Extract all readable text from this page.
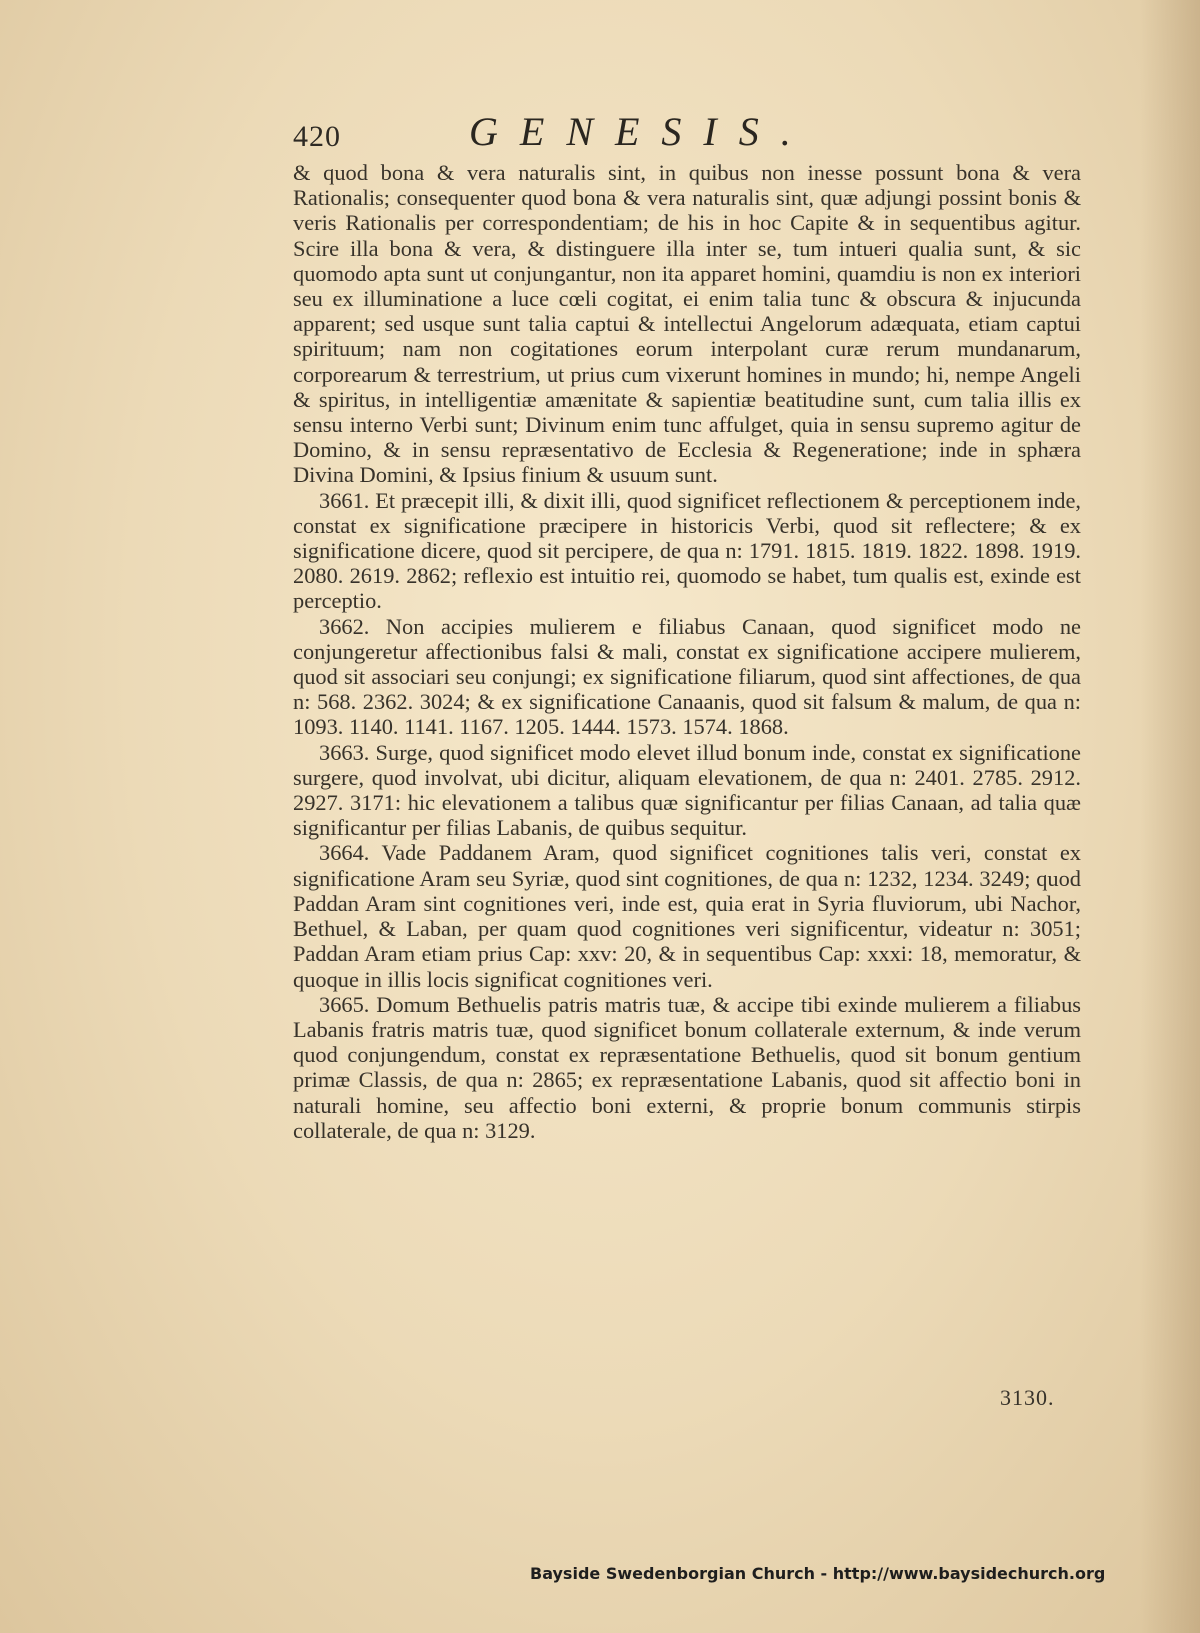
420	GENESIS.

& quod bona & vera naturalis sint, in quibus non inesse possunt bona & vera Rationalis; consequenter quod bona & vera naturalis sint, quæ adjungi possint bonis & veris Rationalis per correspondentiam; de his in hoc Capite & in sequentibus agitur. Scire illa bona & vera, & distinguere illa inter se, tum intueri qualia sunt, & sic quomodo apta sunt ut conjungantur, non ita apparet homini, quamdiu is non ex interiori seu ex illuminatione a luce cœli cogitat, ei enim talia tunc & obscura & injucunda apparent; sed usque sunt talia captui & intellectui Angelorum adæquata, etiam captui spirituum; nam non cogitationes eorum interpolant curæ rerum mundanarum, corporearum & terrestrium, ut prius cum vixerunt homines in mundo; hi, nempe Angeli & spiritus, in intelligentiæ amænitate & sapientiæ beatitudine sunt, cum talia illis ex sensu interno Verbi sunt; Divinum enim tunc affulget, quia in sensu supremo agitur de Domino, & in sensu repræsentativo de Ecclesia & Regeneratione; inde in sphæra Divina Domini, & Ipsius finium & usuum sunt.

3661. Et præcepit illi, & dixit illi, quod significet reflectionem & perceptionem inde, constat ex significatione præcipere in historicis Verbi, quod sit reflectere; & ex significatione dicere, quod sit percipere, de qua n: 1791. 1815. 1819. 1822. 1898. 1919. 2080. 2619. 2862; reflexio est intuitio rei, quomodo se habet, tum qualis est, exinde est perceptio.

3662. Non accipies mulierem e filiabus Canaan, quod significet modo ne conjungeretur affectionibus falsi & mali, constat ex significatione accipere mulierem, quod sit associari seu conjungi; ex significatione filiarum, quod sint affectiones, de qua n: 568. 2362. 3024; & ex significatione Canaanis, quod sit falsum & malum, de qua n: 1093. 1140. 1141. 1167. 1205. 1444. 1573. 1574. 1868.

3663. Surge, quod significet modo elevet illud bonum inde, constat ex significatione surgere, quod involvat, ubi dicitur, aliquam elevationem, de qua n: 2401. 2785. 2912. 2927. 3171: hic elevationem a talibus quæ significantur per filias Canaan, ad talia quæ significantur per filias Labanis, de quibus sequitur.

3664. Vade Paddanem Aram, quod significet cognitiones talis veri, constat ex significatione Aram seu Syriæ, quod sint cognitiones, de qua n: 1232, 1234. 3249; quod Paddan Aram sint cognitiones veri, inde est, quia erat in Syria fluviorum, ubi Nachor, Bethuel, & Laban, per quam quod cognitiones veri significentur, videatur n: 3051; Paddan Aram etiam prius Cap: xxv: 20, & in sequentibus Cap: xxxi: 18, memoratur, & quoque in illis locis significat cognitiones veri.

3665. Domum Bethuelis patris matris tuæ, & accipe tibi exinde mulierem a filiabus Labanis fratris matris tuæ, quod significet bonum collaterale externum, & inde verum quod conjungendum, constat ex repræsentatione Bethuelis, quod sit bonum gentium primæ Classis, de qua n: 2865; ex repræsentatione Labanis, quod sit affectio boni in naturali homine, seu affectio boni externi, & proprie bonum communis stirpis collaterale, de qua n: 3129.

3130.
Bayside Swedenborgian Church - http://www.baysidechurch.org
